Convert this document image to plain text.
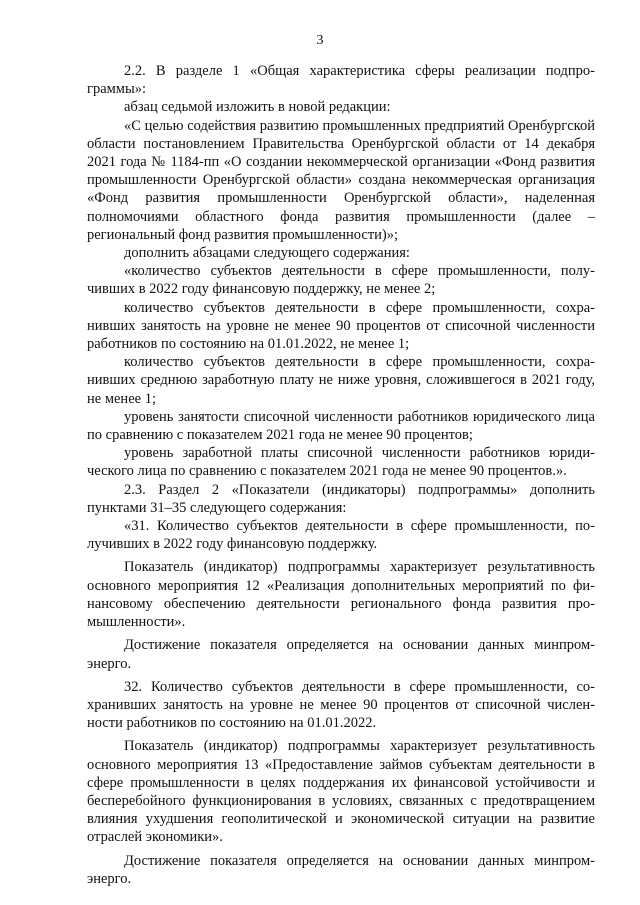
3

2.2. В разделе 1 «Общая характеристика сферы реализации подпрограммы»:

абзац седьмой изложить в новой редакции:

«С целью содействия развитию промышленных предприятий Оренбургской области постановлением Правительства Оренбургской области от 14 декабря 2021 года № 1184-пп «О создании некоммерческой организации «Фонд развития промышленности Оренбургской области» создана некоммерческая организация «Фонд развития промышленности Оренбургской области», наделенная полномочиями областного фонда развития промышленности (далее – региональный фонд развития промышленности)»;

дополнить абзацами следующего содержания:

«количество субъектов деятельности в сфере промышленности, получивших в 2022 году финансовую поддержку, не менее 2;

количество субъектов деятельности в сфере промышленности, сохранивших занятость на уровне не менее 90 процентов от списочной численности работников по состоянию на 01.01.2022, не менее 1;

количество субъектов деятельности в сфере промышленности, сохранивших среднюю заработную плату не ниже уровня, сложившегося в 2021 году, не менее 1;

уровень занятости списочной численности работников юридического лица по сравнению с показателем 2021 года не менее 90 процентов;

уровень заработной платы списочной численности работников юридического лица по сравнению с показателем 2021 года не менее 90 процентов.».

2.3. Раздел 2 «Показатели (индикаторы) подпрограммы» дополнить пунктами 31–35 следующего содержания:

«31. Количество субъектов деятельности в сфере промышленности, получивших в 2022 году финансовую поддержку.

Показатель (индикатор) подпрограммы характеризует результативность основного мероприятия 12 «Реализация дополнительных мероприятий по финансовому обеспечению деятельности регионального фонда развития промышленности».

Достижение показателя определяется на основании данных минпромэнерго.

32. Количество субъектов деятельности в сфере промышленности, сохранивших занятость на уровне не менее 90 процентов от списочной численности работников по состоянию на 01.01.2022.

Показатель (индикатор) подпрограммы характеризует результативность основного мероприятия 13 «Предоставление займов субъектам деятельности в сфере промышленности в целях поддержания их финансовой устойчивости и бесперебойного функционирования в условиях, связанных с предотвращением влияния ухудшения геополитической и экономической ситуации на развитие отраслей экономики».

Достижение показателя определяется на основании данных минпромэнерго.
